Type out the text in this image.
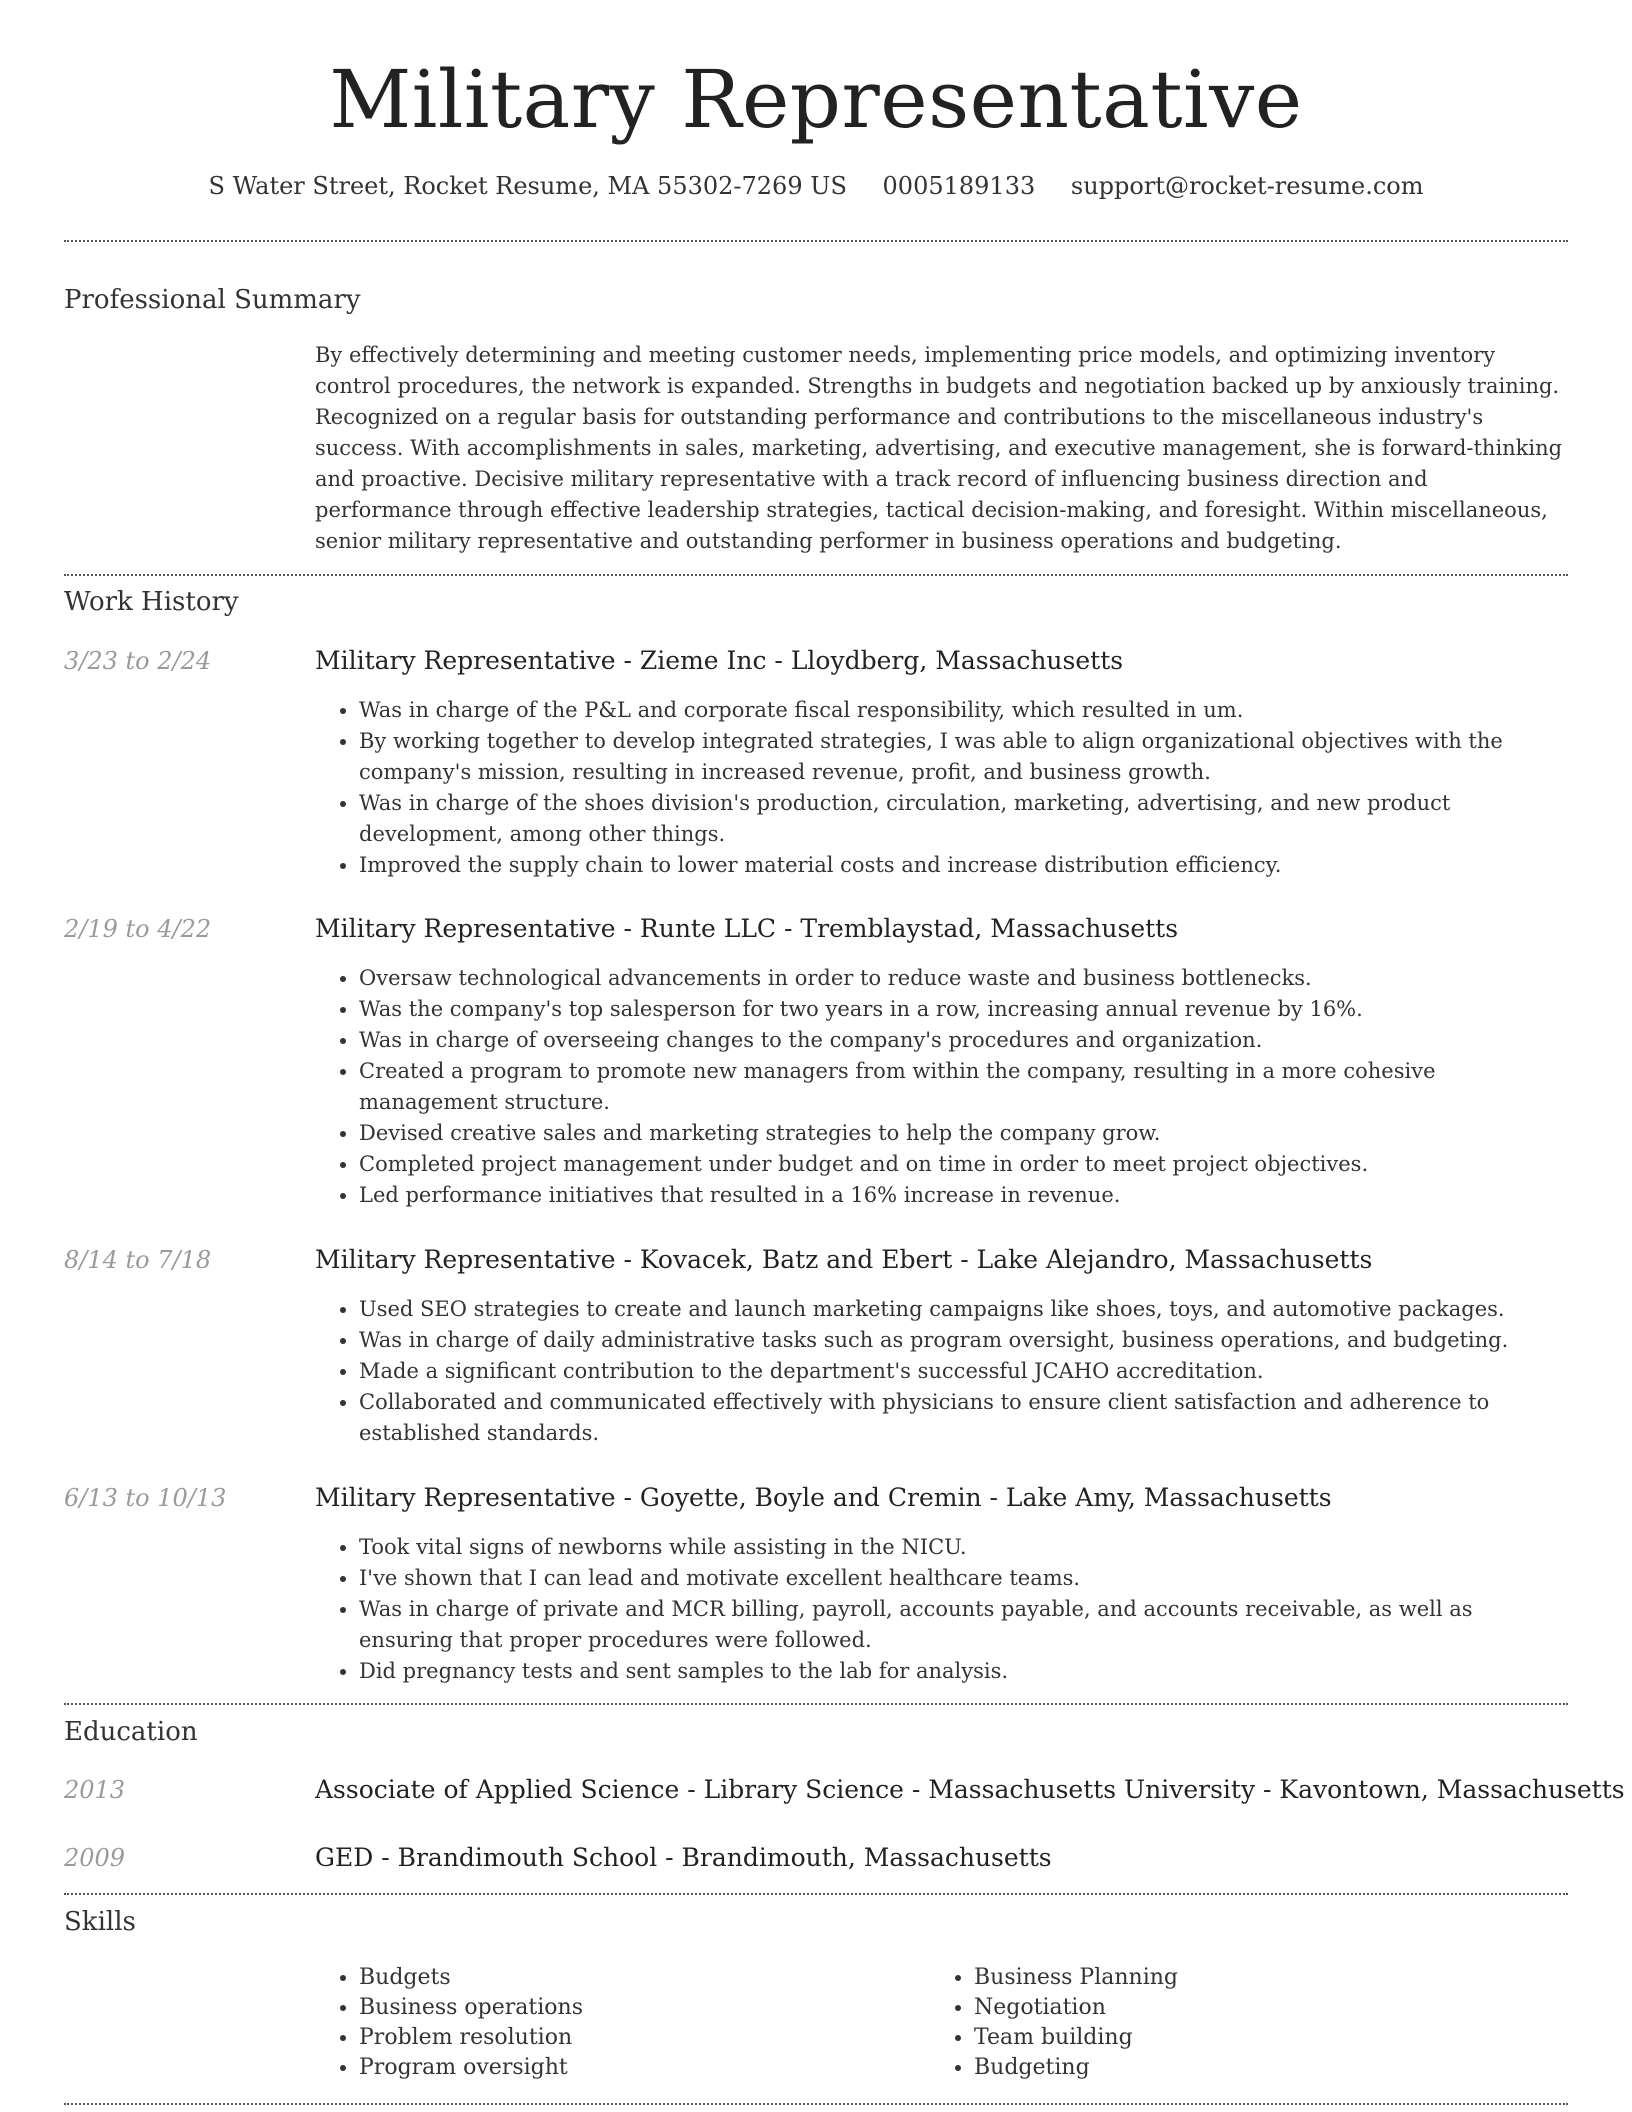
Military Representative
S Water Street, Rocket Resume, MA 55302-7269 US 0005189133 support@rocket-resume.com
Professional Summary

By effectively determining and meeting customer needs, implementing price models, and optimizing inventory control procedures, the network is expanded. Strengths in budgets and negotiation backed up by anxiously training. Recognized on a regular basis for outstanding performance and contributions to the miscellaneous industry's success. With accomplishments in sales, marketing, advertising, and executive management, she is forward-thinking and proactive. Decisive military representative with a track record of influencing business direction and performance through effective leadership strategies, tactical decision-making, and foresight. Within miscellaneous, senior military representative and outstanding performer in business operations and budgeting.

Work History
3/23 to 2/24	Military Representative - Zieme Inc - Lloydberg, Massachusetts
• Was in charge of the P&L and corporate fiscal responsibility, which resulted in um.
• By working together to develop integrated strategies, I was able to align organizational objectives with the company's mission, resulting in increased revenue, profit, and business growth.
• Was in charge of the shoes division's production, circulation, marketing, advertising, and new product development, among other things.
• Improved the supply chain to lower material costs and increase distribution efficiency.
2/19 to 4/22	Military Representative - Runte LLC - Tremblaystad, Massachusetts
• Oversaw technological advancements in order to reduce waste and business bottlenecks.
• Was the company's top salesperson for two years in a row, increasing annual revenue by 16%.
• Was in charge of overseeing changes to the company's procedures and organization.
• Created a program to promote new managers from within the company, resulting in a more cohesive management structure.
• Devised creative sales and marketing strategies to help the company grow.
• Completed project management under budget and on time in order to meet project objectives.
• Led performance initiatives that resulted in a 16% increase in revenue.
8/14 to 7/18	Military Representative - Kovacek, Batz and Ebert - Lake Alejandro, Massachusetts
• Used SEO strategies to create and launch marketing campaigns like shoes, toys, and automotive packages.
• Was in charge of daily administrative tasks such as program oversight, business operations, and budgeting.
• Made a significant contribution to the department's successful JCAHO accreditation.
• Collaborated and communicated effectively with physicians to ensure client satisfaction and adherence to established standards.
6/13 to 10/13	Military Representative - Goyette, Boyle and Cremin - Lake Amy, Massachusetts
• Took vital signs of newborns while assisting in the NICU.
• I've shown that I can lead and motivate excellent healthcare teams.
• Was in charge of private and MCR billing, payroll, accounts payable, and accounts receivable, as well as ensuring that proper procedures were followed.
• Did pregnancy tests and sent samples to the lab for analysis.
Education
2013	Associate of Applied Science - Library Science - Massachusetts University - Kavontown, Massachusetts
2009	GED - Brandimouth School - Brandimouth, Massachusetts
Skills
• Budgets
• Business operations
• Problem resolution
• Program oversight
• Business Planning
• Negotiation
• Team building
• Budgeting
